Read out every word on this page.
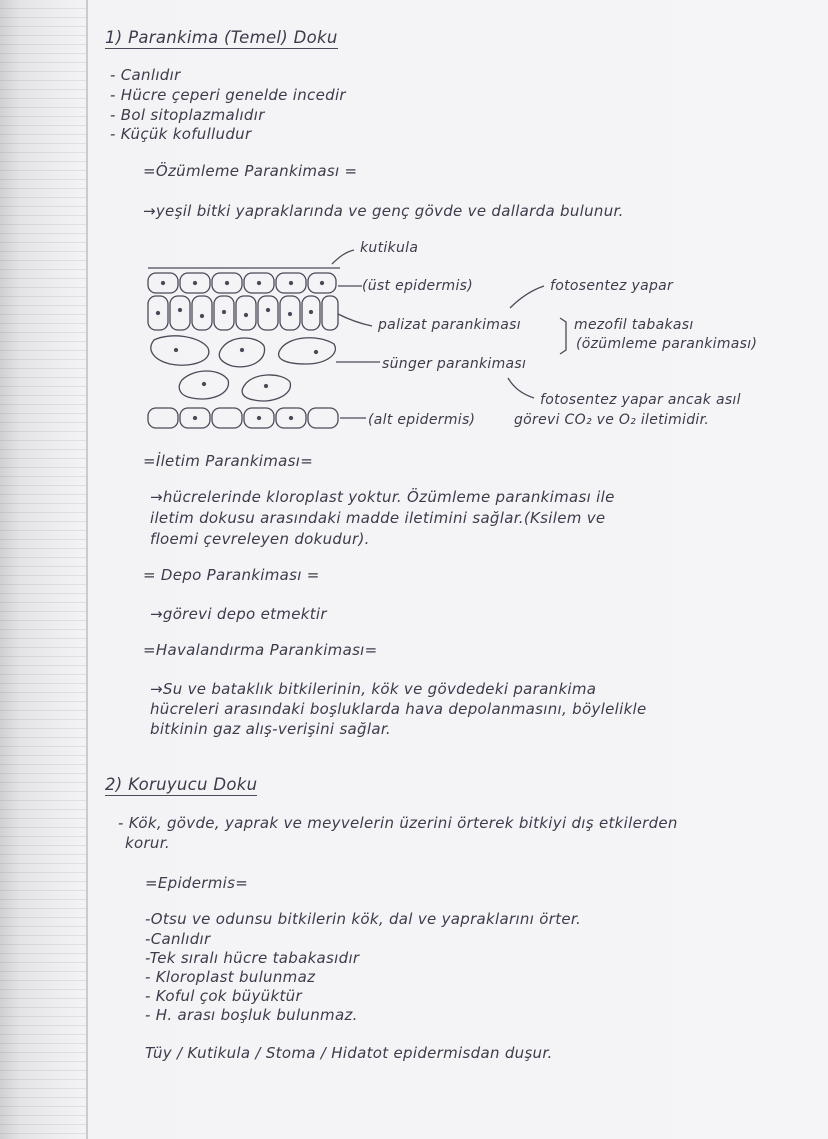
1) Parankima (Temel) Doku
- Canlıdır
- Hücre çeperi genelde incedir
- Bol sitoplazmalıdır
- Küçük kofulludur
=Özümleme Parankiması =
→yeşil bitki yapraklarında ve genç gövde ve dallarda bulunur.
kutikula
(üst epidermis)	fotosentez yapar
palizat parankiması	mezofil tabakası
(özümleme parankiması)
sünger parankiması
fotosentez yapar ancak asıl
(alt epidermis)	görevi CO₂ ve O₂ iletimidir.
=İletim Parankiması=
→hücrelerinde kloroplast yoktur. Özümleme parankiması ile
iletim dokusu arasındaki madde iletimini sağlar.(Ksilem ve
floemi çevreleyen dokudur).
= Depo Parankiması =
→görevi depo etmektir
=Havalandırma Parankiması=
→Su ve bataklık bitkilerinin, kök ve gövdedeki parankima
hücreleri arasındaki boşluklarda hava depolanmasını, böylelikle
bitkinin gaz alış-verişini sağlar.
2) Koruyucu Doku
- Kök, gövde, yaprak ve meyvelerin üzerini örterek bitkiyi dış etkilerden
korur.
=Epidermis=
-Otsu ve odunsu bitkilerin kök, dal ve yapraklarını örter.
-Canlıdır
-Tek sıralı hücre tabakasıdır
- Kloroplast bulunmaz
- Koful çok büyüktür
- H. arası boşluk bulunmaz.
Tüy / Kutikula / Stoma / Hidatot epidermisdan duşur.
